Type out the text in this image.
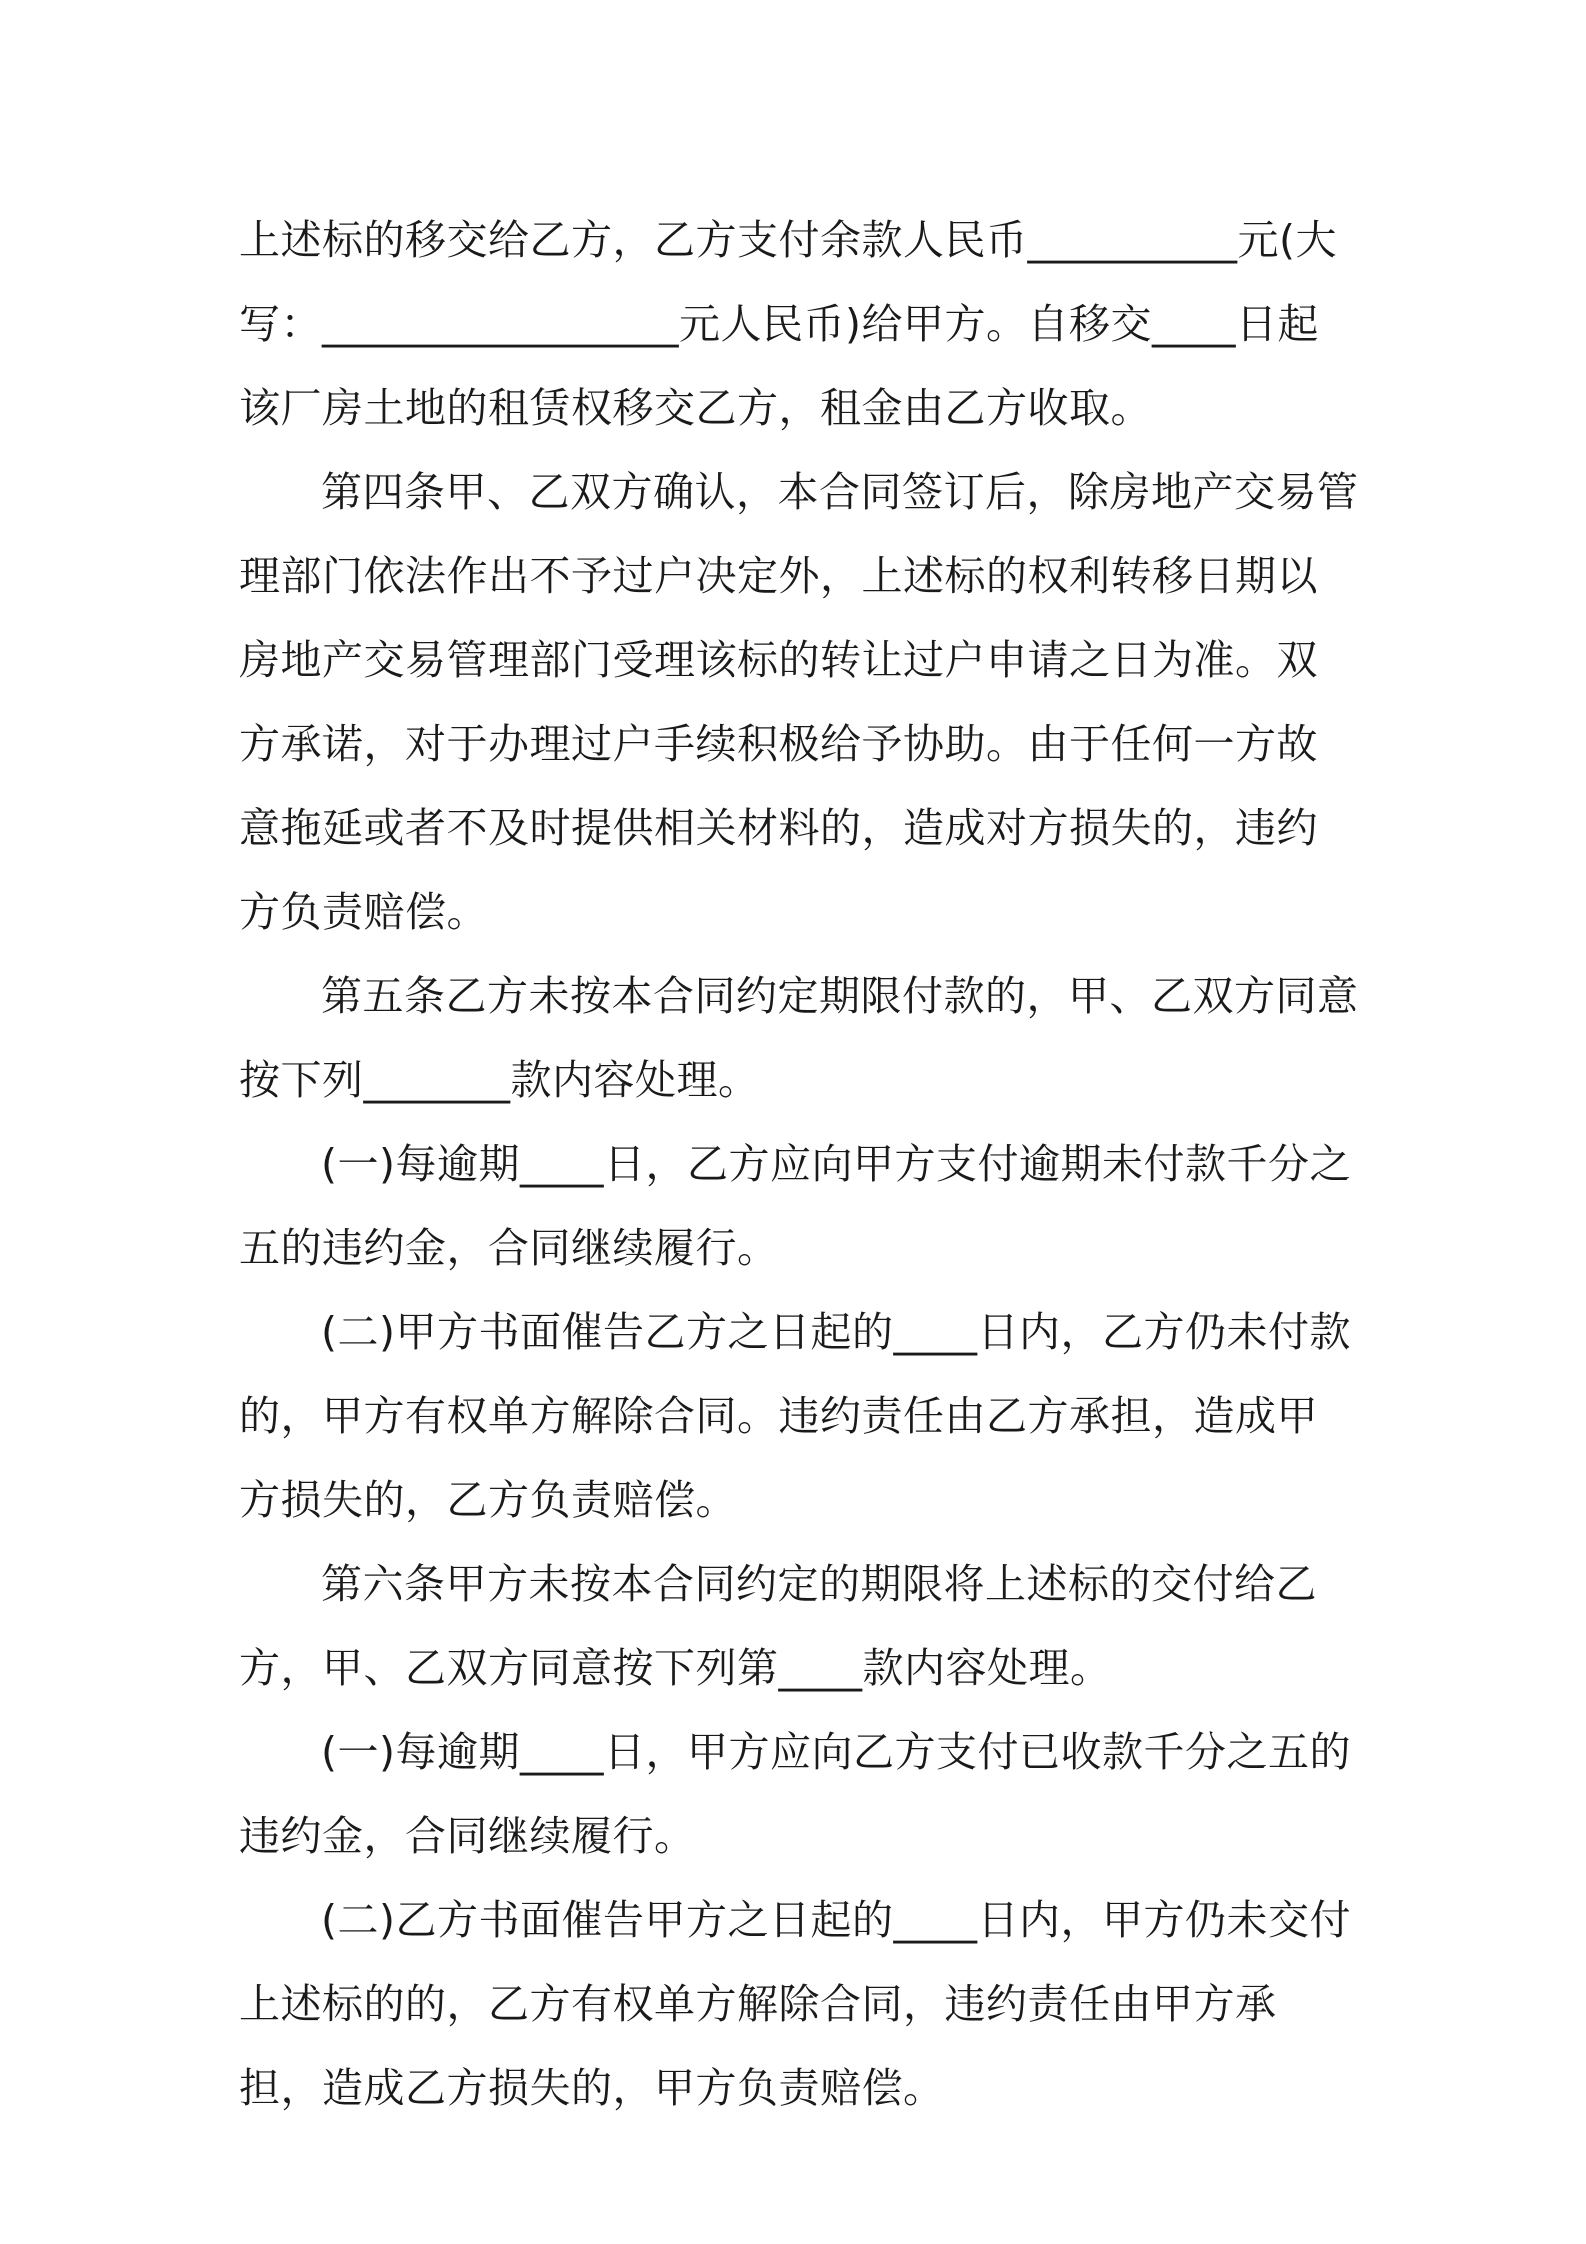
上述标的移交给乙方，乙方支付余款人民币__________元(大写：_________________元人民币)给甲方。自移交____日起该厂房土地的租赁权移交乙方，租金由乙方收取。

第四条甲、乙双方确认，本合同签订后，除房地产交易管理部门依法作出不予过户决定外，上述标的权利转移日期以房地产交易管理部门受理该标的转让过户申请之日为准。双方承诺，对于办理过户手续积极给予协助。由于任何一方故意拖延或者不及时提供相关材料的，造成对方损失的，违约方负责赔偿。

第五条乙方未按本合同约定期限付款的，甲、乙双方同意按下列_______款内容处理。

(一)每逾期____日，乙方应向甲方支付逾期未付款千分之五的违约金，合同继续履行。

(二)甲方书面催告乙方之日起的____日内，乙方仍未付款的，甲方有权单方解除合同。违约责任由乙方承担，造成甲方损失的，乙方负责赔偿。

第六条甲方未按本合同约定的期限将上述标的交付给乙方，甲、乙双方同意按下列第____款内容处理。

(一)每逾期____日，甲方应向乙方支付已收款千分之五的违约金，合同继续履行。

(二)乙方书面催告甲方之日起的____日内，甲方仍未交付上述标的的，乙方有权单方解除合同，违约责任由甲方承担，造成乙方损失的，甲方负责赔偿。
